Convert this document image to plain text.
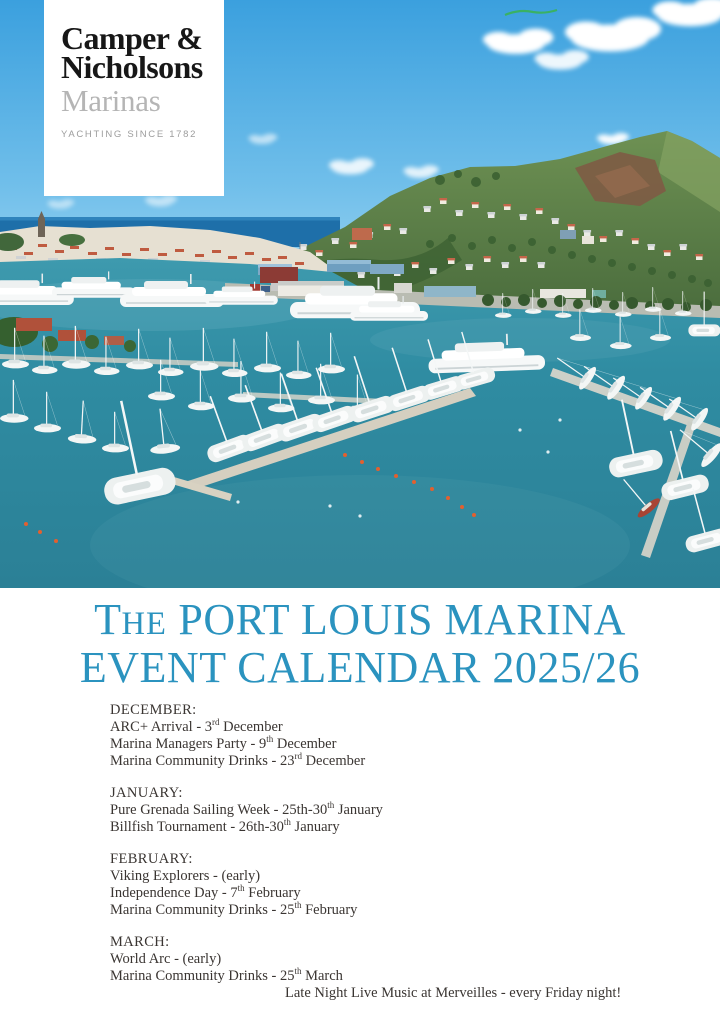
Camper &
Nicholsons
Marinas
YACHTING SINCE 1782
THE PORT LOUIS MARINA
EVENT CALENDAR 2025/26
DECEMBER:

ARC+ Arrival - 3rd December

Marina Managers Party - 9th December

Marina Community Drinks - 23rd December

JANUARY:

Pure Grenada Sailing Week - 25th-30th January

Billfish Tournament - 26th-30th January

FEBRUARY:

Viking Explorers - (early)

Independence Day - 7th February

Marina Community Drinks - 25th February

MARCH:

World Arc - (early)

Marina Community Drinks - 25th March

Late Night Live Music at Merveilles - every Friday night!
